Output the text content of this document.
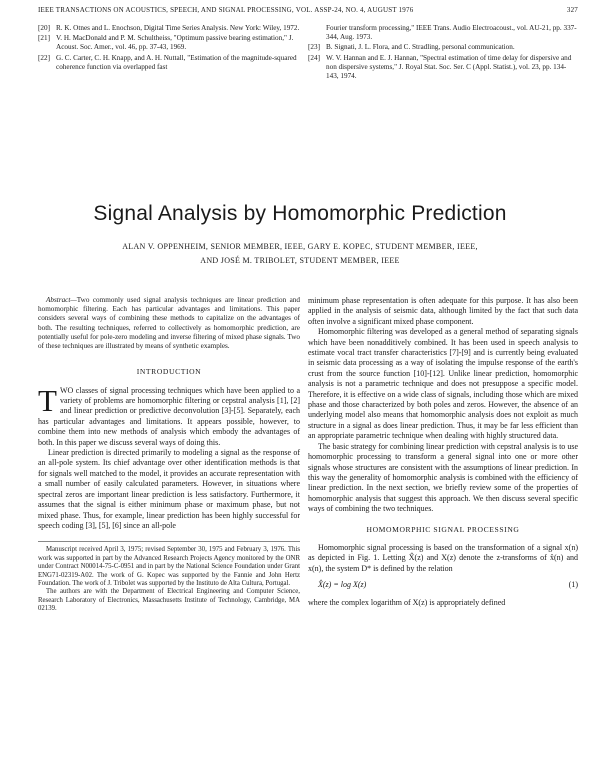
IEEE TRANSACTIONS ON ACOUSTICS, SPEECH, AND SIGNAL PROCESSING, VOL. ASSP-24, NO. 4, AUGUST 1976	327
[20] R. K. Otnes and L. Enochson, Digital Time Series Analysis. New York: Wiley, 1972.
[21] V. H. MacDonald and P. M. Schultheiss, "Optimum passive bearing estimation," J. Acoust. Soc. Amer., vol. 46, pp. 37-43, 1969.
[22] G. C. Carter, C. H. Knapp, and A. H. Nuttall, "Estimation of the magnitude-squared coherence function via overlapped fast
Fourier transform processing," IEEE Trans. Audio Electroacoust., vol. AU-21, pp. 337-344, Aug. 1973.
[23] B. Signati, J. L. Flora, and C. Stradling, personal communication.
[24] W. V. Hannan and E. J. Hannan, "Spectral estimation of time delay for dispersive and non dispersive systems," J. Royal Stat. Soc. Ser. C (Appl. Statist.), vol. 23, pp. 134-143, 1974.
Signal Analysis by Homomorphic Prediction
ALAN V. OPPENHEIM, SENIOR MEMBER, IEEE, GARY E. KOPEC, STUDENT MEMBER, IEEE,
AND JOSÉ M. TRIBOLET, STUDENT MEMBER, IEEE

Abstract—Two commonly used signal analysis techniques are linear prediction and homomorphic filtering. Each has particular advantages and limitations. This paper considers several ways of combining these methods to capitalize on the advantages of both. The resulting techniques, referred to collectively as homomorphic prediction, are potentially useful for pole-zero modeling and inverse filtering of mixed phase signals. Two of these techniques are illustrated by means of synthetic examples.

INTRODUCTION

TWO classes of signal processing techniques which have been applied to a variety of problems are homomorphic filtering or cepstral analysis [1], [2] and linear prediction or predictive deconvolution [3]-[5]. Separately, each has particular advantages and limitations. It appears possible, however, to combine them into new methods of analysis which embody the advantages of both. In this paper we discuss several ways of doing this.

Linear prediction is directed primarily to modeling a signal as the response of an all-pole system. Its chief advantage over other identification methods is that for signals well matched to the model, it provides an accurate representation with a small number of easily calculated parameters. However, in situations where spectral zeros are important linear prediction is less satisfactory. Furthermore, it assumes that the signal is either minimum phase or maximum phase, but not mixed phase. Thus, for example, linear prediction has been highly successful for speech coding [3], [5], [6] since an all-pole

Manuscript received April 3, 1975; revised September 30, 1975 and February 3, 1976. This work was supported in part by the Advanced Research Projects Agency monitored by the ONR under Contract N00014-75-C-0951 and in part by the National Science Foundation under Grant ENG71-02319-A02. The work of G. Kopec was supported by the Fannie and John Hertz Foundation. The work of J. Tribolet was supported by the Instituto de Alta Cultura, Portugal.

The authors are with the Department of Electrical Engineering and Computer Science, Research Laboratory of Electronics, Massachusetts Institute of Technology, Cambridge, MA 02139.

minimum phase representation is often adequate for this purpose. It has also been applied in the analysis of seismic data, although limited by the fact that such data often involve a significant mixed phase component.

Homomorphic filtering was developed as a general method of separating signals which have been nonadditively combined. It has been used in speech analysis to estimate vocal tract transfer characteristics [7]-[9] and is currently being evaluated in seismic data processing as a way of isolating the impulse response of the earth's crust from the source function [10]-[12]. Unlike linear prediction, homomorphic analysis is not a parametric technique and does not presuppose a specific model. Therefore, it is effective on a wide class of signals, including those which are mixed phase and those characterized by both poles and zeros. However, the absence of an underlying model also means that homomorphic analysis does not exploit as much structure in a signal as does linear prediction. Thus, it may be far less efficient than an appropriate parametric technique when dealing with highly structured data.

The basic strategy for combining linear prediction with cepstral analysis is to use homomorphic processing to transform a general signal into one or more other signals whose structures are consistent with the assumptions of linear prediction. In this way the generality of homomorphic analysis is combined with the efficiency of linear prediction. In the next section, we briefly review some of the properties of homomorphic analysis that suggest this approach. We then discuss several specific ways of combining the two techniques.

HOMOMORPHIC SIGNAL PROCESSING

Homomorphic signal processing is based on the transformation of a signal x(n) as depicted in Fig. 1. Letting X̂(z) and X(z) denote the z-transforms of x̂(n) and x(n), the system D* is defined by the relation

X̂(z) = log X(z)	(1)

where the complex logarithm of X(z) is appropriately defined
